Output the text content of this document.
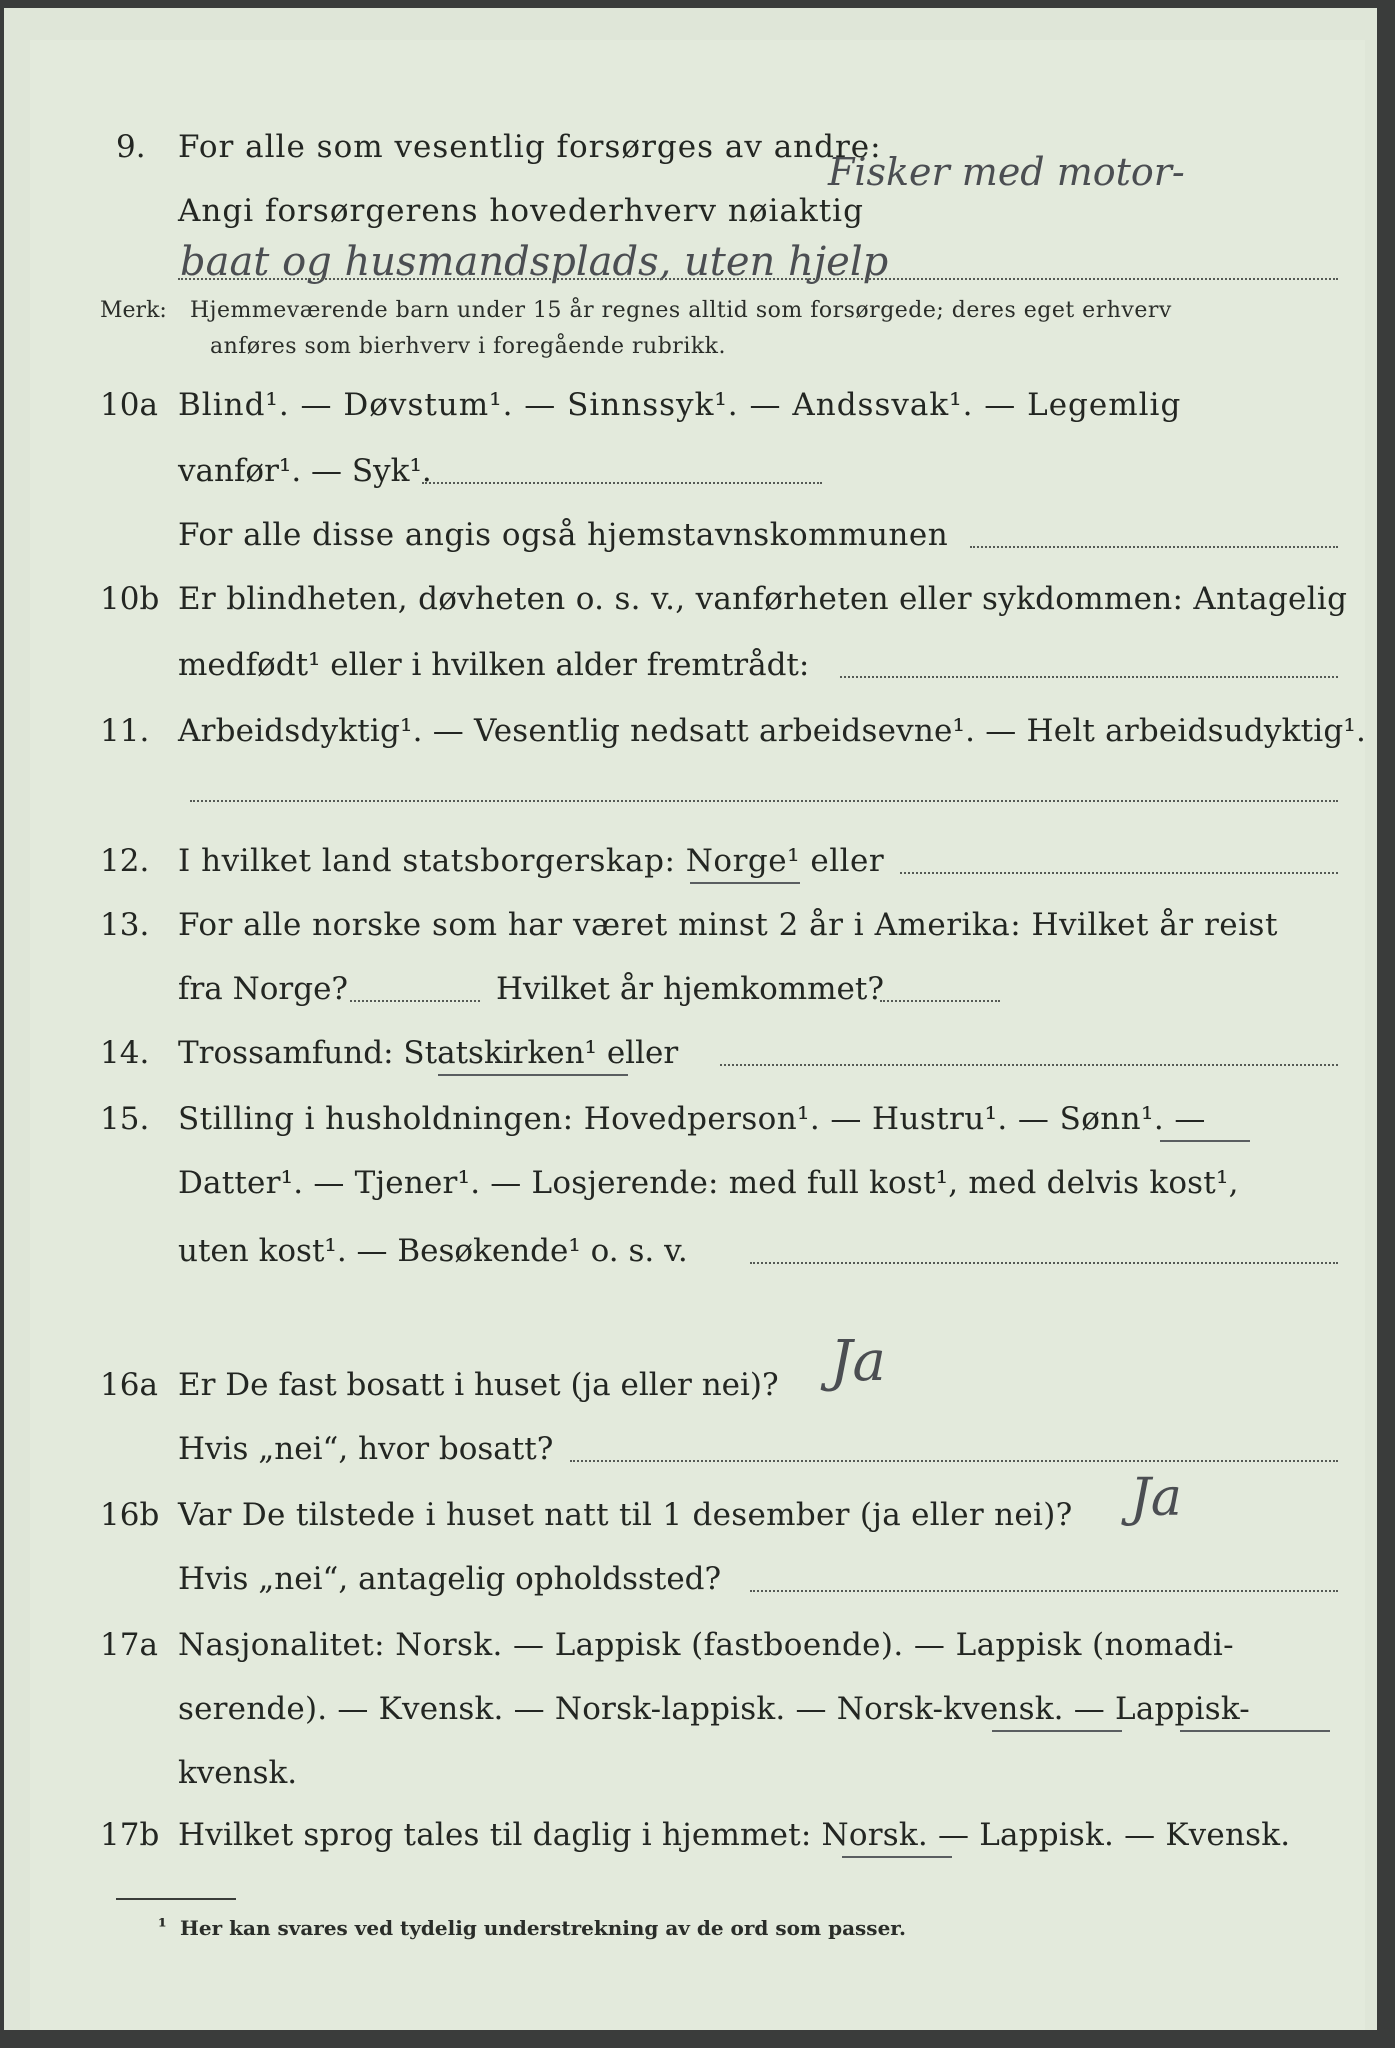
9. For alle som vesentlig forsørges av andre:
Fisker med motor-
Angi forsørgerens hovederhverv nøiaktig
baat og husmandsplads, uten hjelp
Merk: Hjemmeværende barn under 15 år regnes alltid som forsørgede; deres eget erhverv
anføres som bierhverv i foregående rubrikk.
10a Blind¹. — Døvstum¹. — Sinnssyk¹. — Andssvak¹. — Legemlig
vanfør¹. — Syk¹.
For alle disse angis også hjemstavnskommunen
10b Er blindheten, døvheten o. s. v., vanførheten eller sykdommen: Antagelig
medfødt¹ eller i hvilken alder fremtrådt:
11. Arbeidsdyktig¹. — Vesentlig nedsatt arbeidsevne¹. — Helt arbeidsudyktig¹.
12. I hvilket land statsborgerskap: Norge¹ eller
13. For alle norske som har været minst 2 år i Amerika: Hvilket år reist
fra Norge?	Hvilket år hjemkommet?
14. Trossamfund: Statskirken¹ eller
15. Stilling i husholdningen: Hovedperson¹. — Hustru¹. — Sønn¹. —
Datter¹. — Tjener¹. — Losjerende: med full kost¹, med delvis kost¹,
uten kost¹. — Besøkende¹ o. s. v.
16a Er De fast bosatt i huset (ja eller nei)? Ja
Hvis „nei“, hvor bosatt?
16b Var De tilstede i huset natt til 1 desember (ja eller nei)? Ja
Hvis „nei“, antagelig opholdssted?
17a Nasjonalitet: Norsk. — Lappisk (fastboende). — Lappisk (nomadi-
serende). — Kvensk. — Norsk-lappisk. — Norsk-kvensk. — Lappisk-
kvensk.
17b Hvilket sprog tales til daglig i hjemmet: Norsk. — Lappisk. — Kvensk.
¹ Her kan svares ved tydelig understrekning av de ord som passer.
